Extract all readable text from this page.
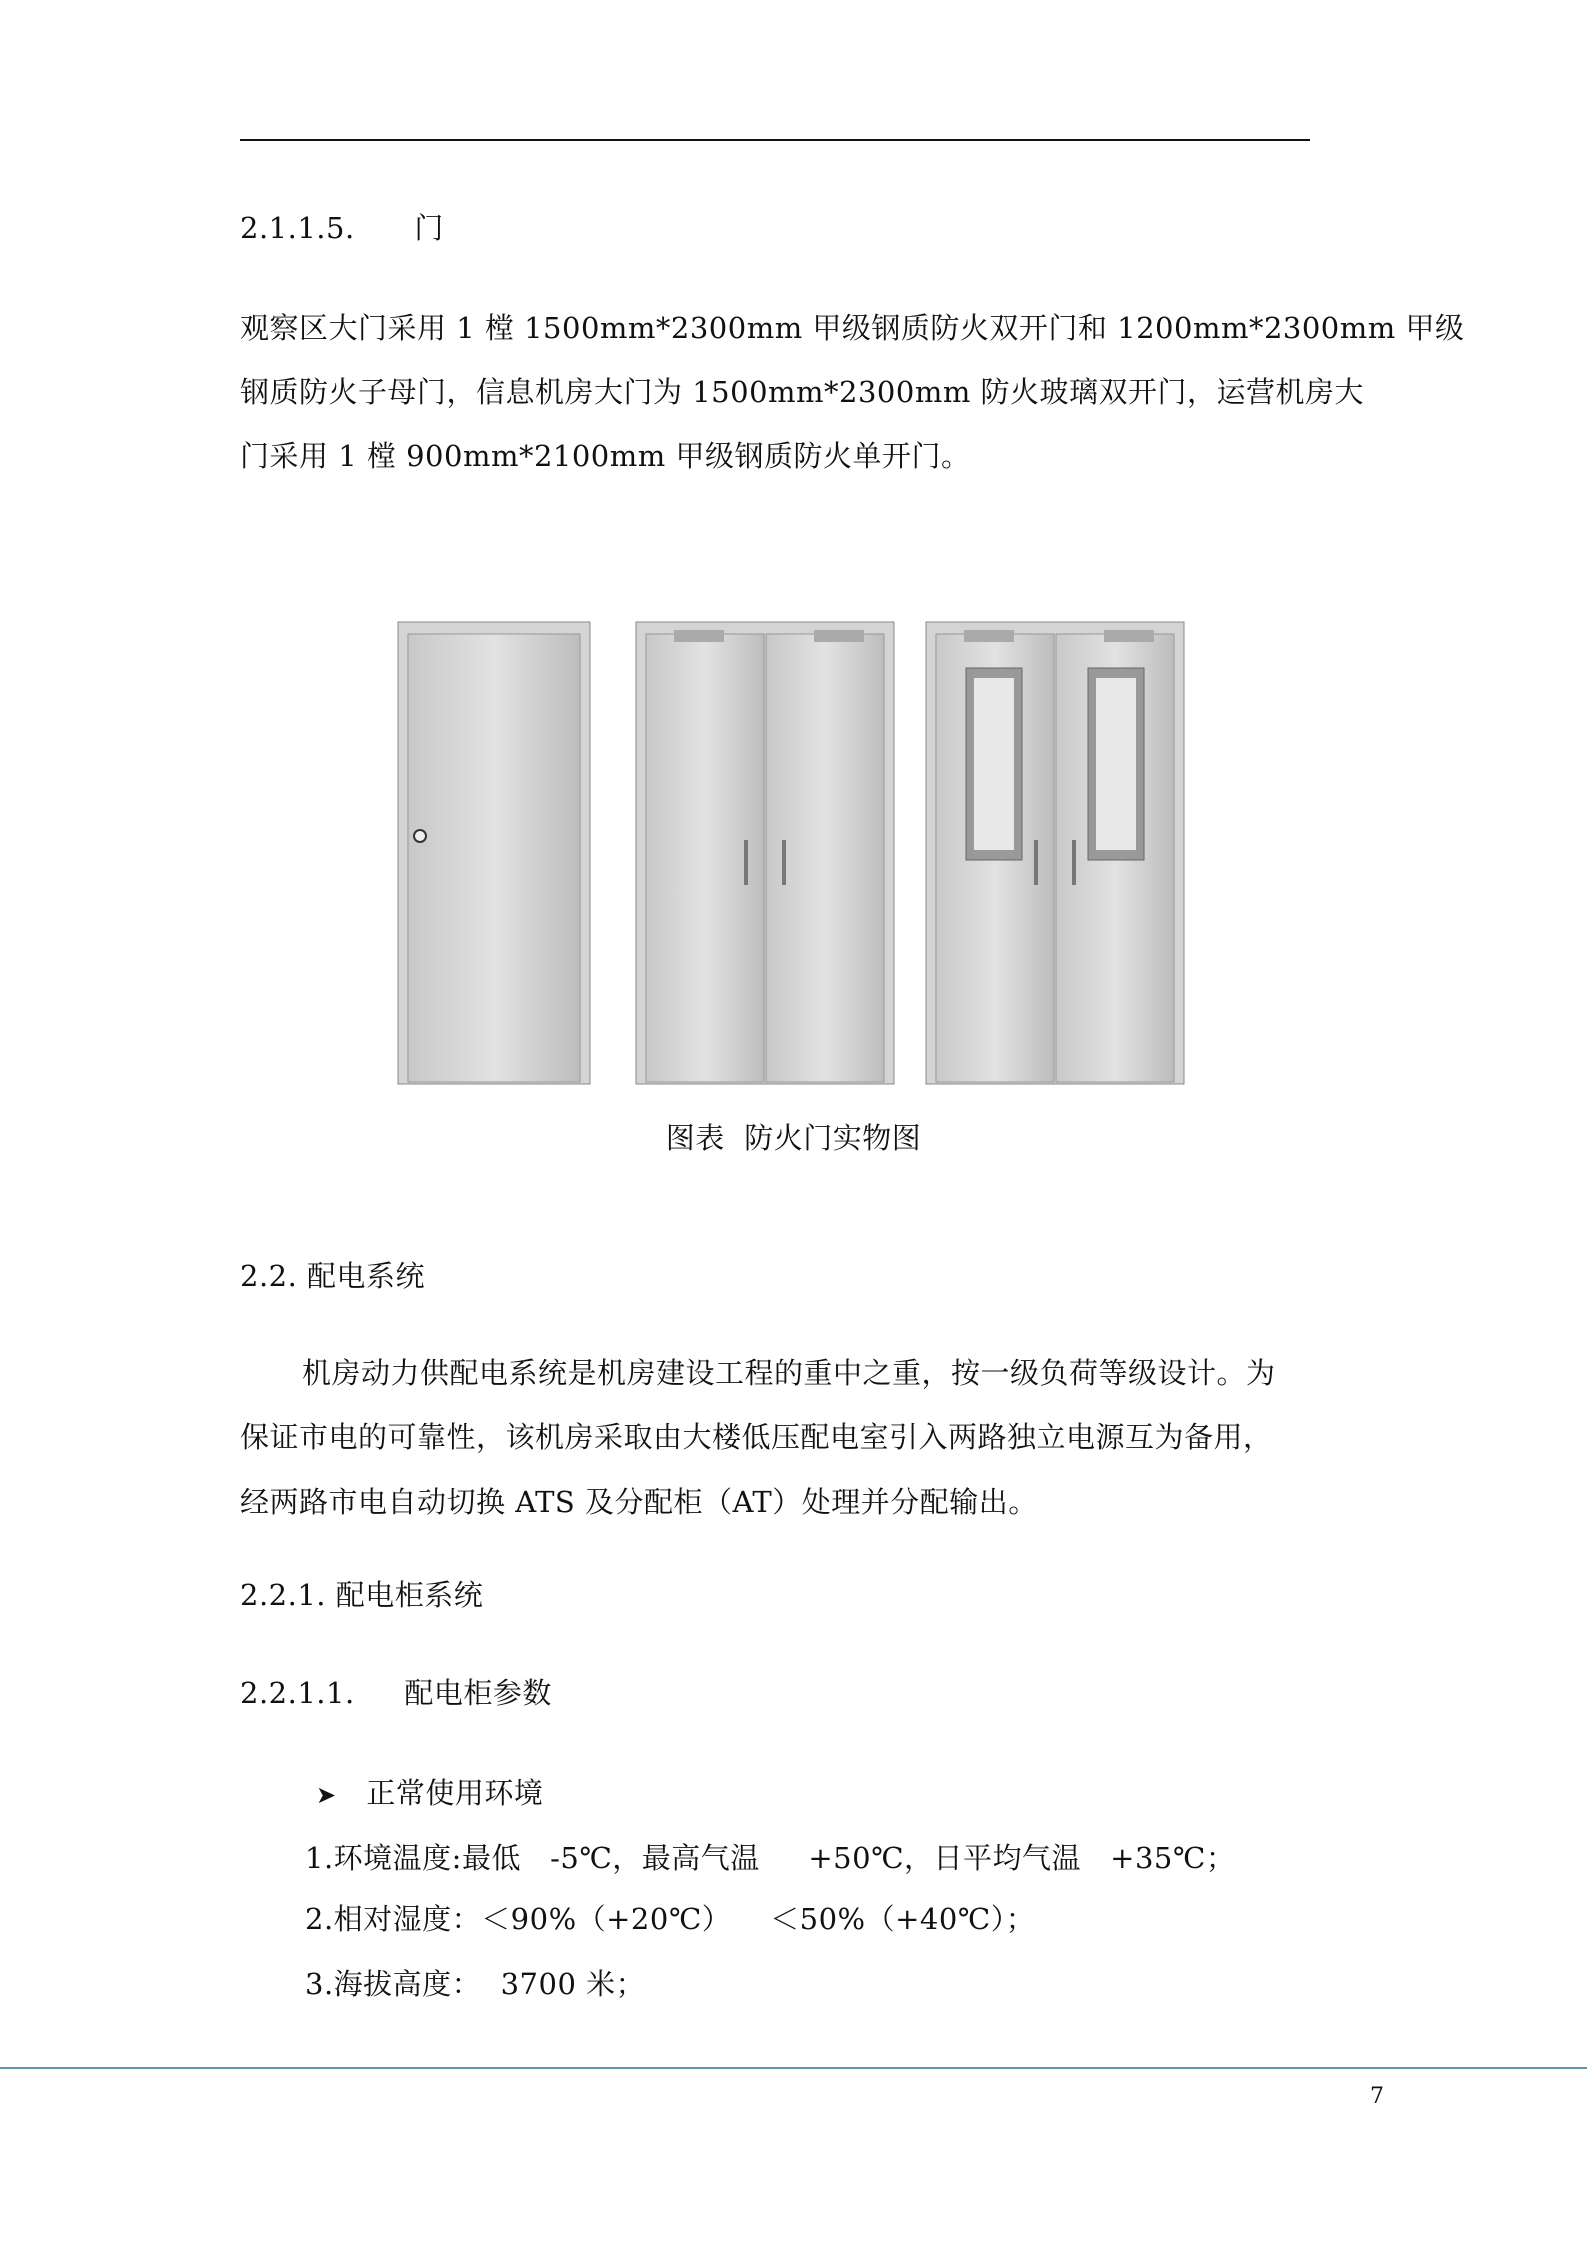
2.1.1.5. 门
观察区大门采用 1 樘 1500mm*2300mm 甲级钢质防火双开门和 1200mm*2300mm 甲级
钢质防火子母门，信息机房大门为 1500mm*2300mm 防火玻璃双开门，运营机房大
门采用 1 樘 900mm*2100mm 甲级钢质防火单开门。
图表  防火门实物图
2.2. 配电系统
机房动力供配电系统是机房建设工程的重中之重，按一级负荷等级设计。为
保证市电的可靠性，该机房采取由大楼低压配电室引入两路独立电源互为备用，
经两路市电自动切换 ATS 及分配柜（AT）处理并分配输出。
2.2.1. 配电柜系统
2.2.1.1. 配电柜参数
➤ 正常使用环境
1.环境温度:最低   -5℃，最高气温     +50℃，日平均气温   +35℃；
2.相对湿度：＜90%（+20℃）    ＜50%（+40℃）；
3.海拔高度：  3700 米；
7
